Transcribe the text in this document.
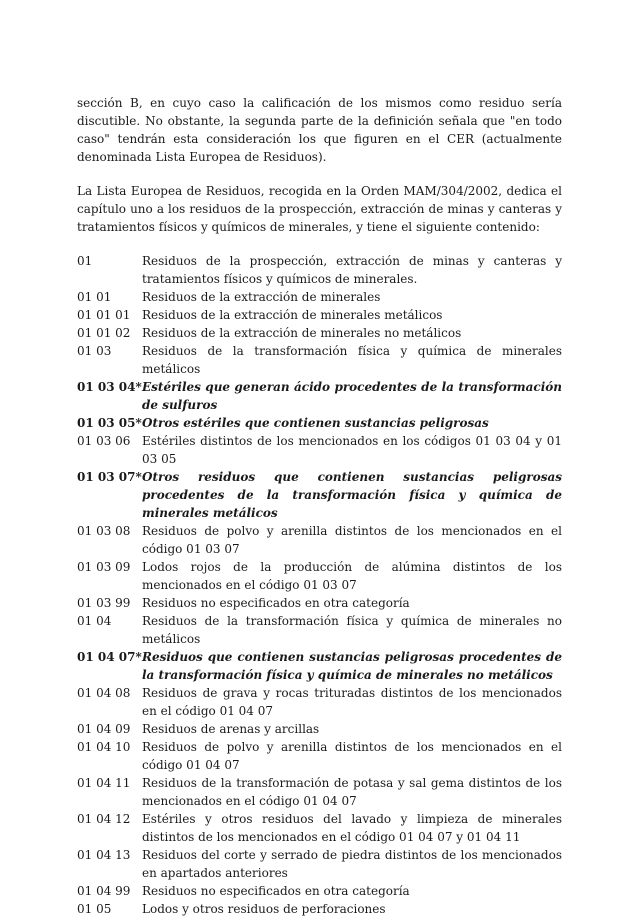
sección B, en cuyo caso la calificación de los mismos como residuo sería discutible. No obstante, la segunda parte de la definición señala que "en todo caso" tendrán esta consideración los que figuren en el CER (actualmente denominada Lista Europea de Residuos).

La Lista Europea de Residuos, recogida en la Orden MAM/304/2002, dedica el capítulo uno a los residuos de la prospección, extracción de minas y canteras y tratamientos físicos y químicos de minerales, y tiene el siguiente contenido:

01	Residuos de la prospección, extracción de minas y canteras y tratamientos físicos y químicos de minerales.
01 01	Residuos de la extracción de minerales
01 01 01 Residuos de la extracción de minerales metálicos
01 01 02 Residuos de la extracción de minerales no metálicos
01 03	Residuos de la transformación física y química de minerales metálicos
01 03 04* Estériles que generan ácido procedentes de la transformación de sulfuros
01 03 05* Otros estériles que contienen sustancias peligrosas
01 03 06 Estériles distintos de los mencionados en los códigos 01 03 04 y 01 03 05
01 03 07* Otros residuos que contienen sustancias peligrosas procedentes de la transformación física y química de minerales metálicos
01 03 08 Residuos de polvo y arenilla distintos de los mencionados en el código 01 03 07
01 03 09 Lodos rojos de la producción de alúmina distintos de los mencionados en el código 01 03 07
01 03 99 Residuos no especificados en otra categoría
01 04	Residuos de la transformación física y química de minerales no metálicos
01 04 07* Residuos que contienen sustancias peligrosas procedentes de la transformación física y química de minerales no metálicos
01 04 08 Residuos de grava y rocas trituradas distintos de los mencionados en el código 01 04 07
01 04 09 Residuos de arenas y arcillas
01 04 10 Residuos de polvo y arenilla distintos de los mencionados en el código 01 04 07
01 04 11 Residuos de la transformación de potasa y sal gema distintos de los mencionados en el código 01 04 07
01 04 12 Estériles y otros residuos del lavado y limpieza de minerales distintos de los mencionados en el código 01 04 07 y 01 04 11
01 04 13 Residuos del corte y serrado de piedra distintos de los mencionados en apartados anteriores
01 04 99 Residuos no especificados en otra categoría
01 05	Lodos y otros residuos de perforaciones
